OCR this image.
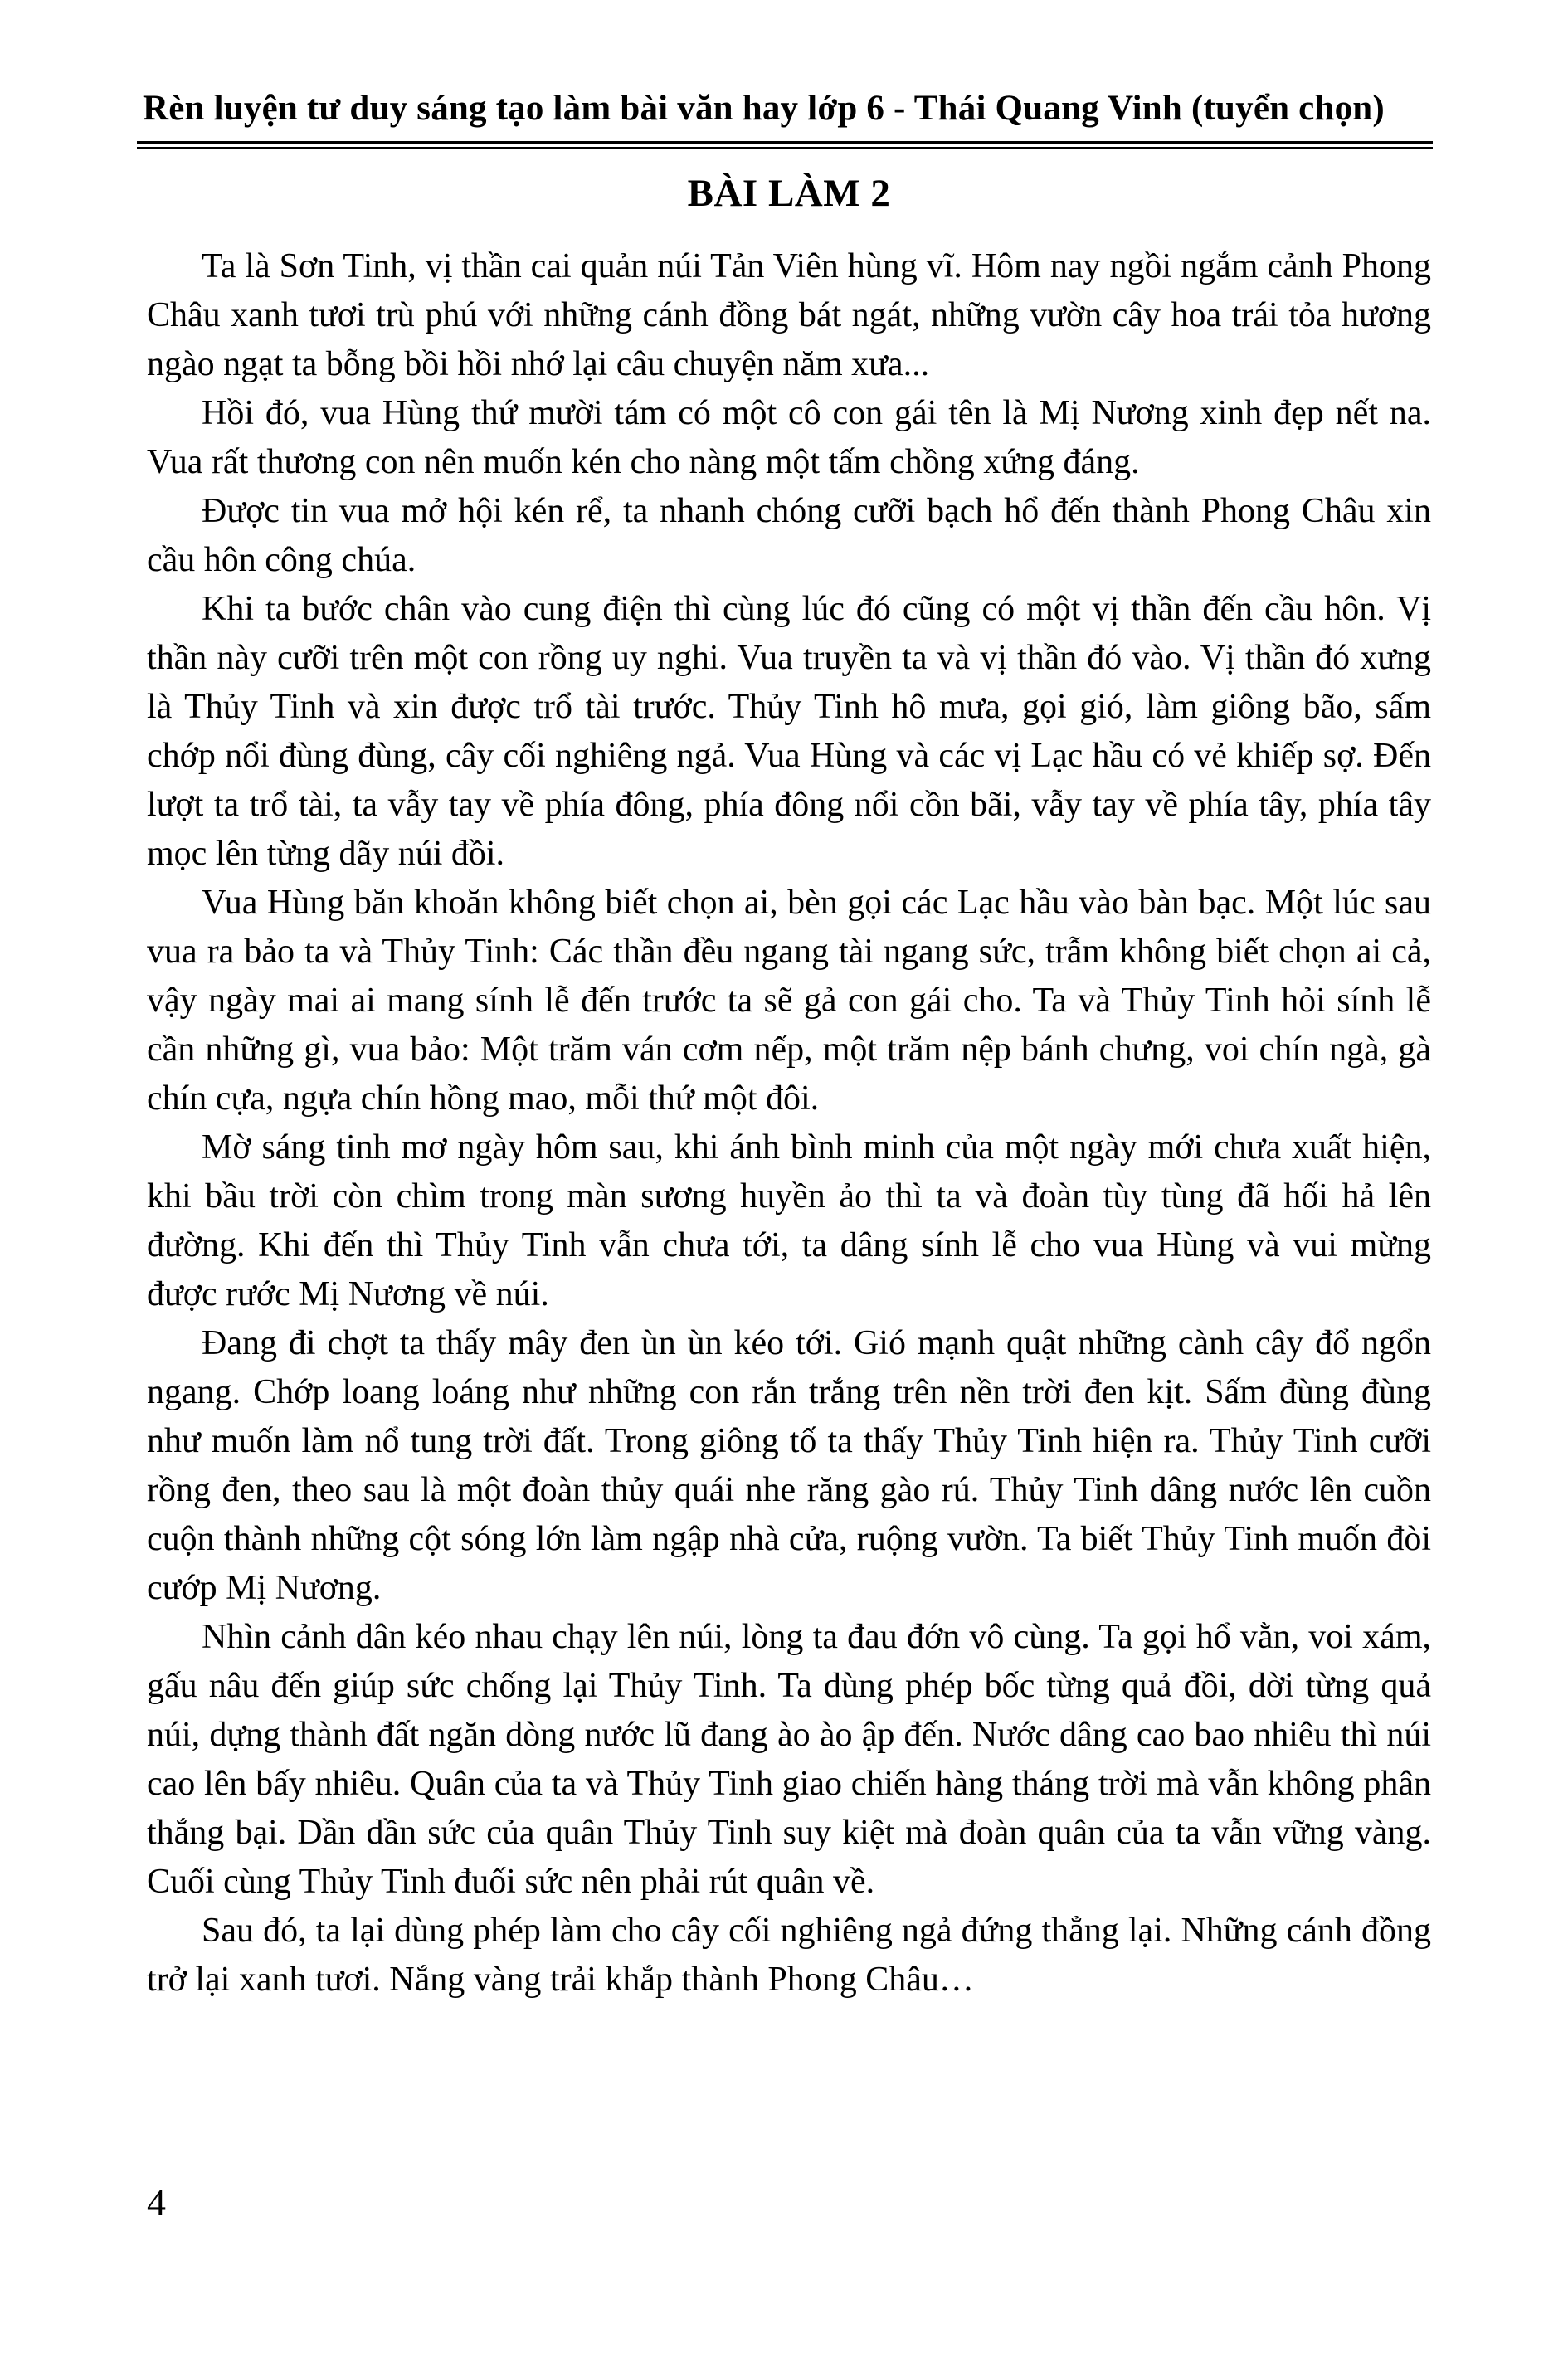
Rèn luyện tư duy sáng tạo làm bài văn hay lớp 6 - Thái Quang Vinh (tuyển chọn)
BÀI LÀM 2

Ta là Sơn Tinh, vị thần cai quản núi Tản Viên hùng vĩ. Hôm nay ngồi ngắm cảnh Phong Châu xanh tươi trù phú với những cánh đồng bát ngát, những vườn cây hoa trái tỏa hương ngào ngạt ta bỗng bồi hồi nhớ lại câu chuyện năm xưa...

Hồi đó, vua Hùng thứ mười tám có một cô con gái tên là Mị Nương xinh đẹp nết na. Vua rất thương con nên muốn kén cho nàng một tấm chồng xứng đáng.

Được tin vua mở hội kén rể, ta nhanh chóng cưỡi bạch hổ đến thành Phong Châu xin cầu hôn công chúa.

Khi ta bước chân vào cung điện thì cùng lúc đó cũng có một vị thần đến cầu hôn. Vị thần này cưỡi trên một con rồng uy nghi. Vua truyền ta và vị thần đó vào. Vị thần đó xưng là Thủy Tinh và xin được trổ tài trước. Thủy Tinh hô mưa, gọi gió, làm giông bão, sấm chớp nổi đùng đùng, cây cối nghiêng ngả. Vua Hùng và các vị Lạc hầu có vẻ khiếp sợ. Đến lượt ta trổ tài, ta vẫy tay về phía đông, phía đông nổi cồn bãi, vẫy tay về phía tây, phía tây mọc lên từng dãy núi đồi.

Vua Hùng băn khoăn không biết chọn ai, bèn gọi các Lạc hầu vào bàn bạc. Một lúc sau vua ra bảo ta và Thủy Tinh: Các thần đều ngang tài ngang sức, trẫm không biết chọn ai cả, vậy ngày mai ai mang sính lễ đến trước ta sẽ gả con gái cho. Ta và Thủy Tinh hỏi sính lễ cần những gì, vua bảo: Một trăm ván cơm nếp, một trăm nệp bánh chưng, voi chín ngà, gà chín cựa, ngựa chín hồng mao, mỗi thứ một đôi.

Mờ sáng tinh mơ ngày hôm sau, khi ánh bình minh của một ngày mới chưa xuất hiện, khi bầu trời còn chìm trong màn sương huyền ảo thì ta và đoàn tùy tùng đã hối hả lên đường. Khi đến thì Thủy Tinh vẫn chưa tới, ta dâng sính lễ cho vua Hùng và vui mừng được rước Mị Nương về núi.

Đang đi chợt ta thấy mây đen ùn ùn kéo tới. Gió mạnh quật những cành cây đổ ngổn ngang. Chớp loang loáng như những con rắn trắng trên nền trời đen kịt. Sấm đùng đùng như muốn làm nổ tung trời đất. Trong giông tố ta thấy Thủy Tinh hiện ra. Thủy Tinh cưỡi rồng đen, theo sau là một đoàn thủy quái nhe răng gào rú. Thủy Tinh dâng nước lên cuồn cuộn thành những cột sóng lớn làm ngập nhà cửa, ruộng vườn. Ta biết Thủy Tinh muốn đòi cướp Mị Nương.

Nhìn cảnh dân kéo nhau chạy lên núi, lòng ta đau đớn vô cùng. Ta gọi hổ vằn, voi xám, gấu nâu đến giúp sức chống lại Thủy Tinh. Ta dùng phép bốc từng quả đồi, dời từng quả núi, dựng thành đất ngăn dòng nước lũ đang ào ào ập đến. Nước dâng cao bao nhiêu thì núi cao lên bấy nhiêu. Quân của ta và Thủy Tinh giao chiến hàng tháng trời mà vẫn không phân thắng bại. Dần dần sức của quân Thủy Tinh suy kiệt mà đoàn quân của ta vẫn vững vàng. Cuối cùng Thủy Tinh đuối sức nên phải rút quân về.

Sau đó, ta lại dùng phép làm cho cây cối nghiêng ngả đứng thẳng lại. Những cánh đồng trở lại xanh tươi. Nắng vàng trải khắp thành Phong Châu…

4
